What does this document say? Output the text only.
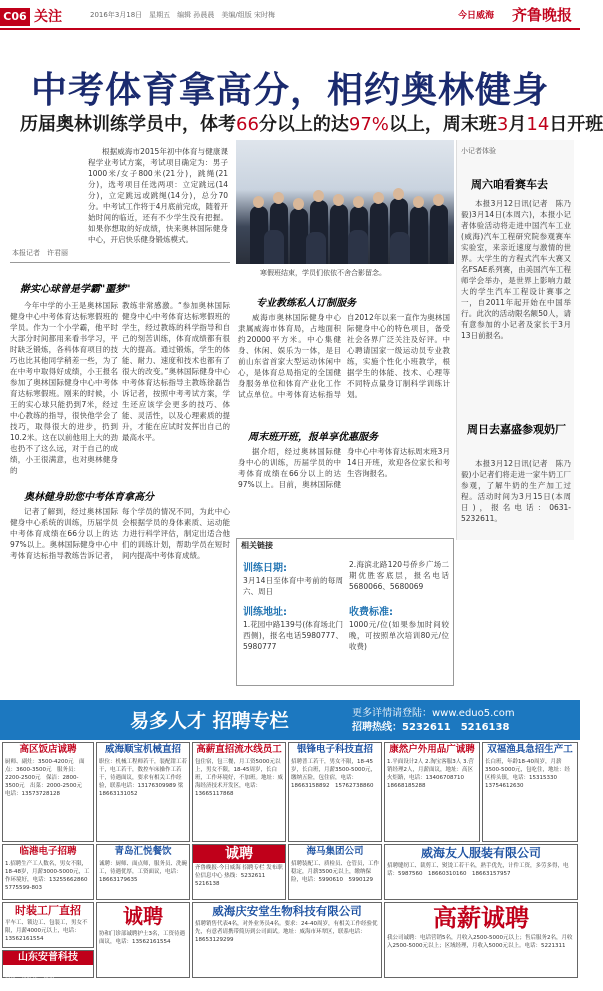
C06 关注	2016年3月18日　星期五　编辑 孙晨晨　美编/组版 宋时梅	今日威海 齐鲁晚报
中考体育拿高分，相约奥林健身
历届奥林训练学员中，体考66分以上的达97%以上，周末班3月14日开班
根据威海市2015年初中体育与健康课程学业考试方案，考试项目确定为：男子1000米/女子800米(21分)，跳绳(21分)，选考项目任选两项：立定跳远(14分)，立定跳远或跳绳(14分)，总分70分。中考试工作将于4月底前完成，随着开始时间的临近，还有不少学生没有把握。如果你想取的好成绩，快来奥林国际健身中心，开启快乐健身锻炼模式。
本报记者　许君丽
寒假班结束，学员们依依不舍合影留念。
擀实心球曾是学霸"噩梦"
今年中学的小王是奥林国际健身中心中考体育达标寒假班的学员。作为一个小学霸，他平时大部分时间都用来看书学习，平时缺乏锻炼，各科体育项目的技巧也比其他同学稍差一些，为了在中考中取得好成绩，小王报名参加了奥林国际健身中心中考体育达标寒假班。刚来的时候，小王的实心球只能扔到7米，经过中心教练的指导，很快他学会了技巧，取得很大的进步，扔到10.2米。这在以前他用上大的劲也扔不了这么远，对于自己的成绩，小王很满意，也对奥林健身的
教练非常感激。“参加奥林国际健身中心中考体育达标寒假班的学生，经过教练的科学指导和自己的刻苦训练，体育成绩都有很大的提高。通过锻炼，学生的体能、耐力、速度和技术也都有了很大的改变。”奥林国际健身中心中考体育达标指导主教练徐磊告诉记者，按照中考考试方案，学生还应该学会更多的技巧、体能、灵活性，以及心理素质的提升，才能在应试时发挥出自己的最高水平。
专业教练私人订制服务
威海市奥林国际健身中心隶属威海市体育局，占地面积约20000平方米。中心集健身、休闲、娱乐为一体，是目前山东省首家大型运动休闲中心，是体育总局指定的全国健身服务单位和体育产业化工作试点单位。中考体育达标指导自2012年以来一直作为奥林国际健身中心的特色项目，备受社会各界广泛关注及好评。中心聘请国家一级运动员专业教练，实施个性化小班教学，根据学生的体能、技术、心理等不同特点量身订制科学训练计划。
周末班开班，报单享优惠服务
据介绍，经过奥林国际健身中心的训练，历届学员的中考体育成绩在66分以上的达97%以上。目前，奥林国际健身中心中考体育达标周末班3月14日开班，欢迎各位家长和考生咨询报名。
奥林健身助您中考体育拿高分
记者了解到，经过奥林国际健身中心系统的训练，历届学员中考体育成绩在66分以上的达97%以上。奥林国际健身中心中考体育达标指导教练告诉记者，每个学员的情况不同，为此中心会根据学员的身体素质、运动能力进行科学评估，制定出适合他们的训练计划，帮助学员在短时间内提高中考体育成绩。
小记者体验
周六咱看赛车去
本报3月12日讯(记者　陈乃毅)3月14日(本周六)，本报小记者体验活动将走进中国汽车工业(威海)汽车工程研究院参观赛车实验室，来亲近速度与激情的世界。大学生的方程式汽车大赛又名FSAE系列赛，由美国汽车工程师学会举办，是世界上影响力最大的学生汽车工程设计赛事之一，自2011年起开始在中国举行。此次的活动限名额50人，请有意参加的小记者及家长于3月13日前报名。
周日去嘉盛参观奶厂
本报3月12日讯(记者　陈乃毅)小记者们将走进一家牛奶工厂参观，了解牛奶的生产加工过程。活动时间为3月15日(本周日)，报名电话：0631-5232611。
相关链接
训练日期:
3月14日至体育中考前的每周六、周日
训练地址:
1.花园中路139号(体育场北门西侧)，报名电话5980777、5980777
2.海滨北路120号侨乡广场二期优胜客底层，报名电话5680066、5680069
收费标准:
1000元/位(如果参加时间较晚，可按照单次培训80元/位收费)
易多人才 招聘专栏	更多详情请登陆：www.eduo5.com
招聘热线：5232611　5216138
高区饭店诚聘
厨师、副灶：3500-4200元　面点：3600-3500元　服务员：2200-2500元　保洁：2800-3500元　出菜：2000-2500元　电话：13573728128
威海顺宝机械直招
职位：机械工程师若干，装配钳工若干，电工若干，数控车床操作工若干，待遇面议，要求有相关工作经验，联系电话：13176309989 梁　18663131052
高薪直招流水线员工
包住宿，包三餐，月工资5000元以上，男女不限，18-45周岁，长白班，工作环境好，不加班。地址：威海经济技术开发区，电话：13665117868
银锋电子科技直招
招聘普工若干，男女不限，18-45岁，长白班，月薪3500-5000元，缴纳五险，包住宿，电话：18663158892　15762738860
康然户外用品广诚聘
1.平面设计2人 2.淘宝客服3人 3.营销经理2人，月薪面议，地址：高区火炬路，电话：13406708710　18668185288
双福渔具急招生产工
长白班，年龄18-40周岁，月薪3500-5000元，包吃住，地址：经区桥头镇，电话：15315330　13754612630
临港电子招聘
1.招聘生产工人数名，男女不限，18-48岁，月薪3000-5000元，工作环境好，电话：13255662860　5775599-803
青岛汇悦餐饮
诚聘：厨师、面点师，服务员、洗碗工，待遇优厚，工资面议，电话：18663179635
诚聘
齐鲁晚报·今日威海 招聘专栏 发布职位信息中心 热线：5232611　5216138
海马集团公司
招聘装配工、质检员、仓管员，工作稳定，月薪3500元以上，缴纳保险，电话：5990610　5990129
威海友人服装有限公司
招聘缝纫工、裁剪工、熨烫工若干名，熟手优先，计件工资，多劳多得，电话：5987560　18660310160　18663157957
时装工厂直招
平车工、锁边工、包装工，男女不限，月薪4000元以上，电话：13562161554
诚聘
协和门诊部诚聘护士3名，工资待遇面议，电话：13562161554
威海庆安堂生物科技有限公司
招聘销售代表4名，对外业务员4名。要求：24-40周岁，有相关工作经验优先，有意者请携带简历到公司面试。地址：威海市环翠区，联系电话：18653129299
高薪诚聘
我公司诚聘：电话营销5名，月收入2500-5000元以上；售后服务2名，月收入2500-5000元以上；区域经理，月收入5000元以上。电话：5221311
山东安普科技
生产普工，月薪3500-4500元，长白班，包吃住，电话：15165160001
